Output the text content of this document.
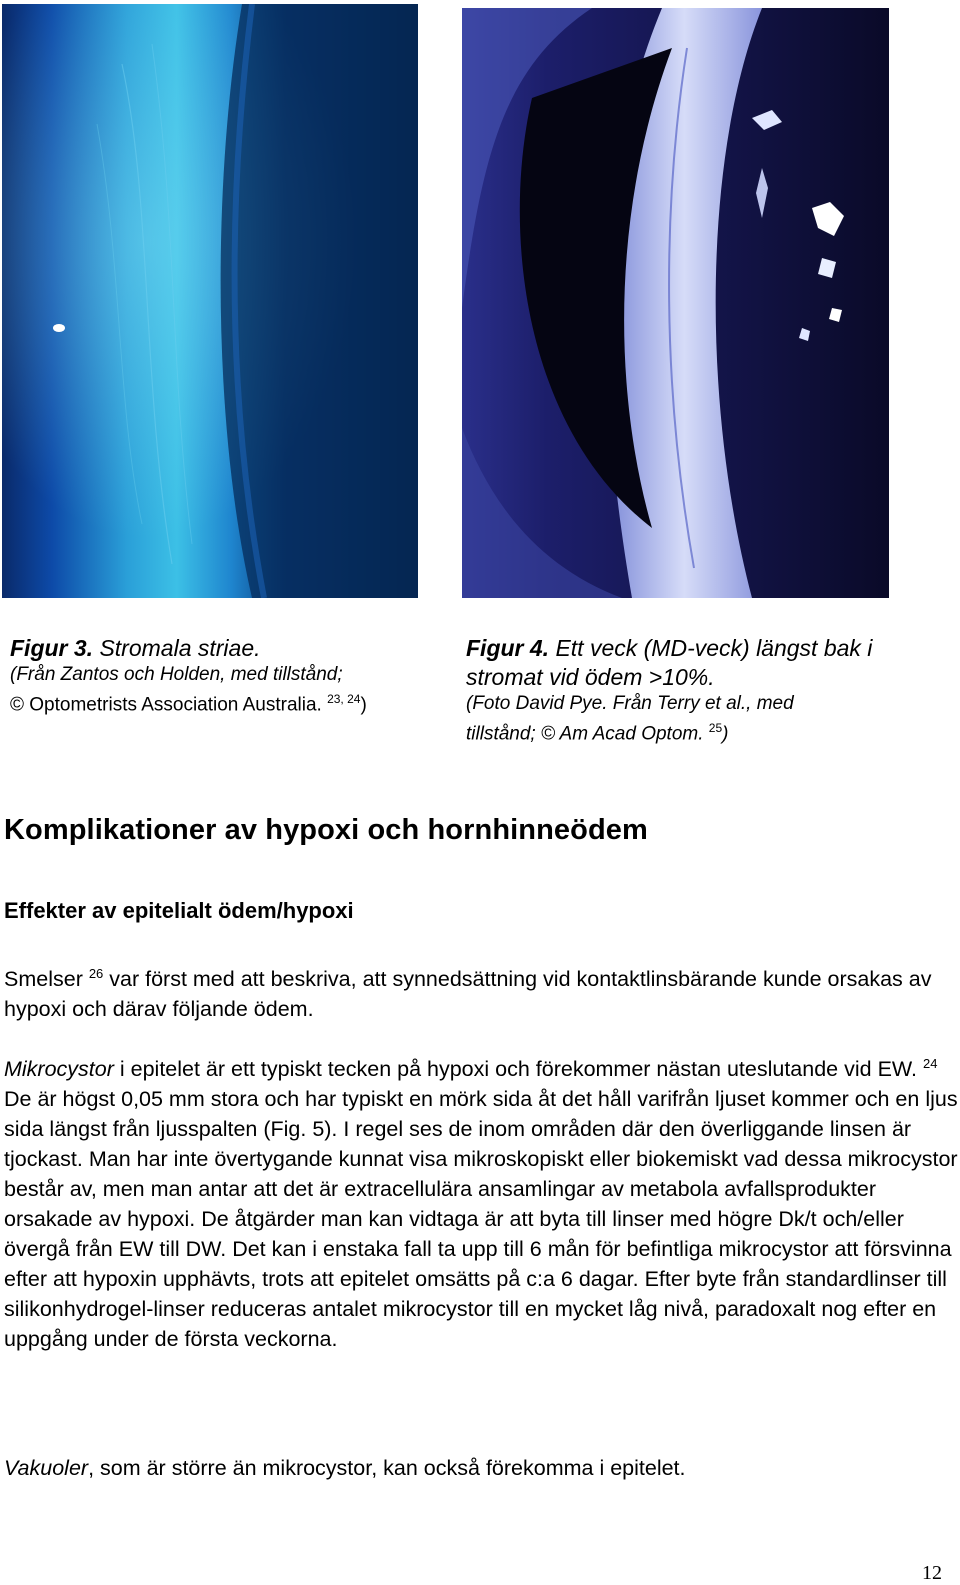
Figur 3. Stromala striae.
(Från Zantos och Holden, med tillstånd;
© Optometrists Association Australia. $^{23, 24}$)
Figur 4. Ett veck (MD-veck) längst bak i stromat vid ödem >10%.
(Foto David Pye. Från Terry et al., med tillstånd; © Am Acad Optom. $^{25}$)
Komplikationer av hypoxi och hornhinneödem
Effekter av epitelialt ödem/hypoxi

Smelser $^{26}$ var först med att beskriva, att synnedsättning vid kontaktlinsbärande kunde orsakas av hypoxi och därav följande ödem.

Mikrocystor i epitelet är ett typiskt tecken på hypoxi och förekommer nästan uteslutande vid EW. $^{24}$ De är högst 0,05 mm stora och har typiskt en mörk sida åt det håll varifrån ljuset kommer och en ljus sida längst från ljusspalten (Fig. 5). I regel ses de inom områden där den överliggande linsen är tjockast. Man har inte övertygande kunnat visa mikroskopiskt eller biokemiskt vad dessa mikrocystor består av, men man antar att det är extracellulära ansamlingar av metabola avfallsprodukter orsakade av hypoxi. De åtgärder man kan vidtaga är att byta till linser med högre Dk/t och/eller övergå från EW till DW. Det kan i enstaka fall ta upp till 6 mån för befintliga mikrocystor att försvinna efter att hypoxin upphävts, trots att epitelet omsätts på c:a 6 dagar. Efter byte från standardlinser till silikonhydrogel-linser reduceras antalet mikrocystor till en mycket låg nivå, paradoxalt nog efter en uppgång under de första veckorna.

Vakuoler, som är större än mikrocystor, kan också förekomma i epitelet.

12
